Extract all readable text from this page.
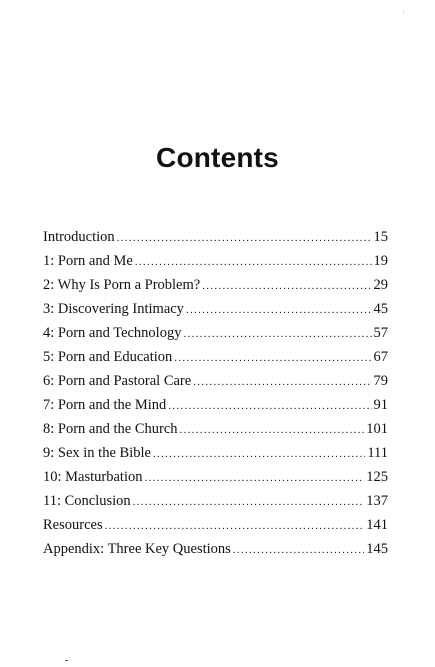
Contents
Introduction .....	15
1: Porn and Me .....	19
2: Why Is Porn a Problem? .....	29
3: Discovering Intimacy .....	45
4: Porn and Technology .....	57
5: Porn and Education .....	67
6: Porn and Pastoral Care .....	79
7: Porn and the Mind .....	91
8: Porn and the Church .....	101
9: Sex in the Bible .....	111
10: Masturbation .....	125
11: Conclusion .....	137
Resources .....	141
Appendix: Three Key Questions .....	145
